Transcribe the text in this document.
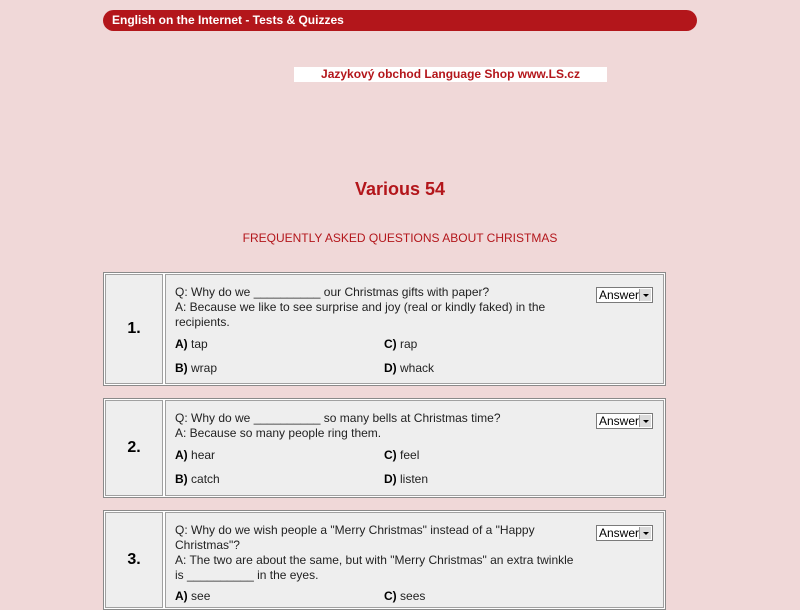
English on the Internet - Tests & Quizzes
Jazykový obchod Language Shop www.LS.cz
Various 54
FREQUENTLY ASKED QUESTIONS ABOUT CHRISTMAS
1.
Q: Why do we __________ our Christmas gifts with paper?
A: Because we like to see surprise and joy (real or kindly faked) in the
recipients.
Answer
A) tap
B) wrap
C) rap
D) whack
2.
Q: Why do we __________ so many bells at Christmas time?
A: Because so many people ring them.
Answer
A) hear
B) catch
C) feel
D) listen
3.
Q: Why do we wish people a "Merry Christmas" instead of a "Happy
Christmas"?
A: The two are about the same, but with "Merry Christmas" an extra twinkle
is __________ in the eyes.
Answer
A) see	C) sees
